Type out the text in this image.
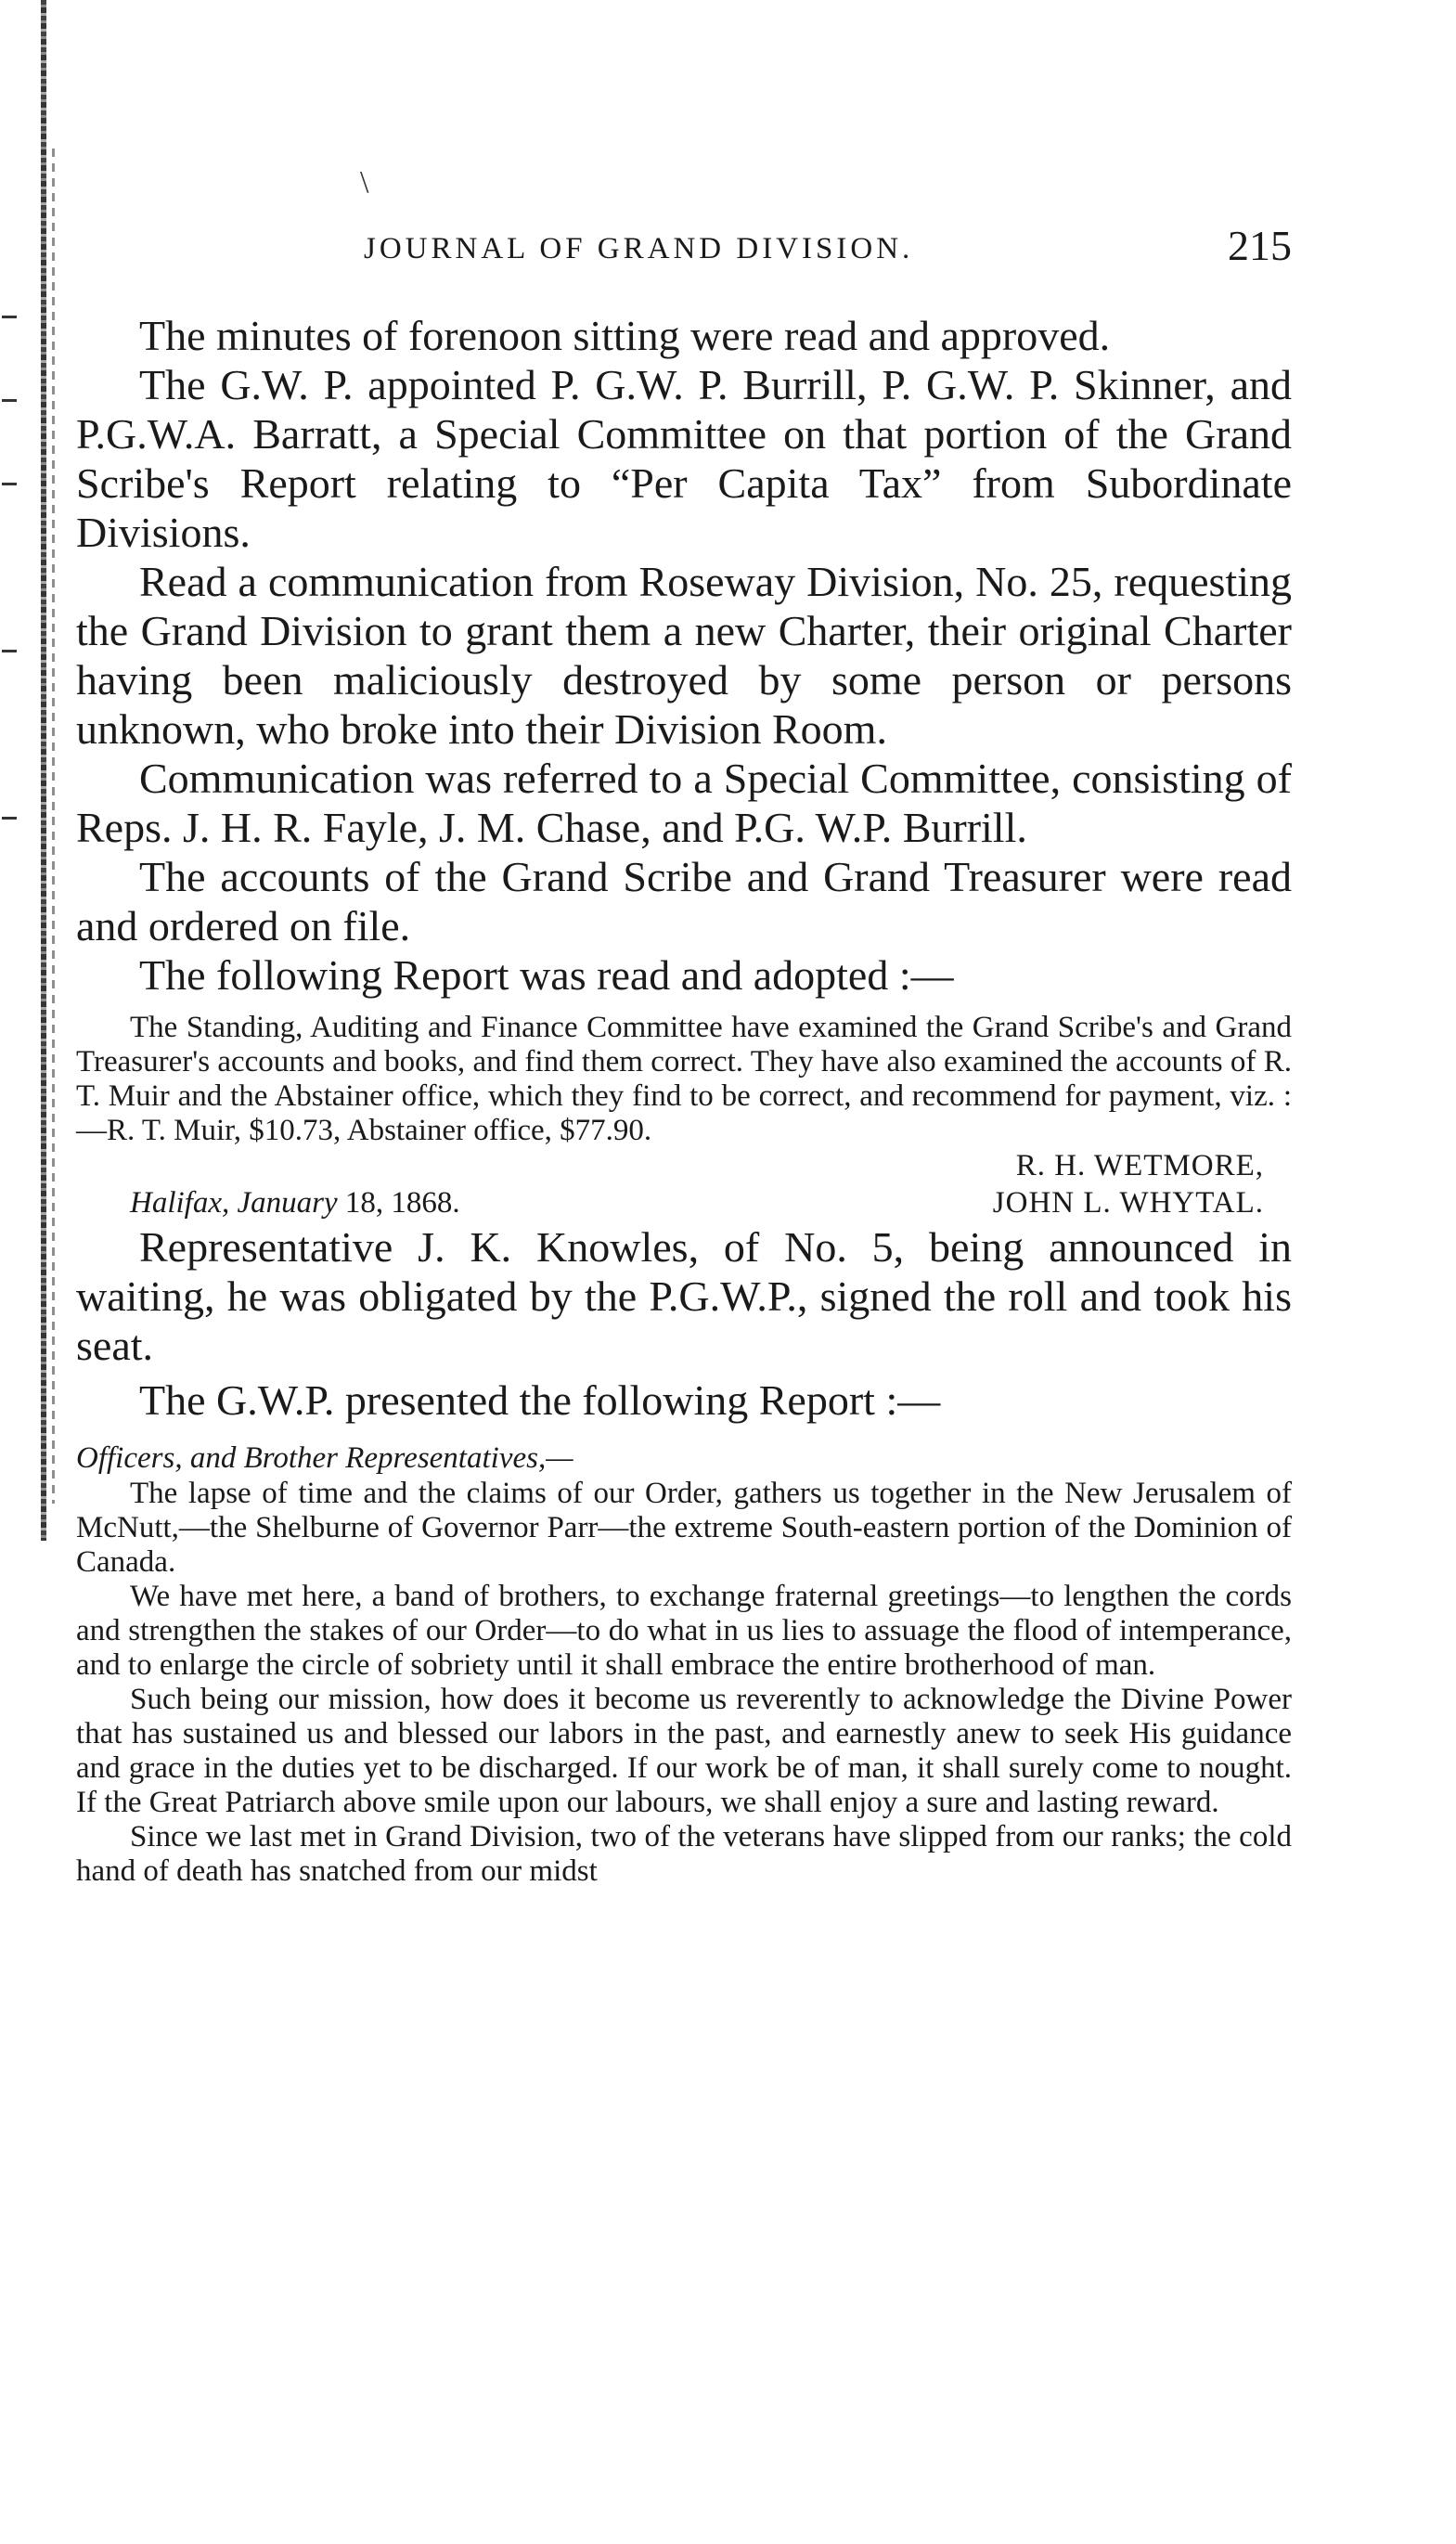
\
JOURNAL OF GRAND DIVISION.	215

The minutes of forenoon sitting were read and approved.

The G.W. P. appointed P. G.W. P. Burrill, P. G.W. P. Skinner, and P.G.W.A. Barratt, a Special Committee on that portion of the Grand Scribe's Report relating to “Per Capita Tax” from Subordinate Divisions.

Read a communication from Roseway Division, No. 25, requesting the Grand Division to grant them a new Charter, their original Charter having been maliciously destroyed by some person or persons unknown, who broke into their Division Room.

Communication was referred to a Special Committee, consisting of Reps. J. H. R. Fayle, J. M. Chase, and P.G. W.P. Burrill.

The accounts of the Grand Scribe and Grand Treasurer were read and ordered on file.

The following Report was read and adopted :—

The Standing, Auditing and Finance Committee have examined the Grand Scribe's and Grand Treasurer's accounts and books, and find them correct. They have also examined the accounts of R. T. Muir and the Abstainer office, which they find to be correct, and recommend for payment, viz. :—R. T. Muir, $10.73, Abstainer office, $77.90.

R. H. WETMORE,
Halifax, January 18, 1868.	JOHN L. WHYTAL.

Representative J. K. Knowles, of No. 5, being announced in waiting, he was obligated by the P.G.W.P., signed the roll and took his seat.

The G.W.P. presented the following Report :—

Officers, and Brother Representatives,—

The lapse of time and the claims of our Order, gathers us together in the New Jerusalem of McNutt,—the Shelburne of Governor Parr—the extreme South-eastern portion of the Dominion of Canada.

We have met here, a band of brothers, to exchange fraternal greetings—to lengthen the cords and strengthen the stakes of our Order—to do what in us lies to assuage the flood of intemperance, and to enlarge the circle of sobriety until it shall embrace the entire brotherhood of man.

Such being our mission, how does it become us reverently to acknowledge the Divine Power that has sustained us and blessed our labors in the past, and earnestly anew to seek His guidance and grace in the duties yet to be discharged. If our work be of man, it shall surely come to nought. If the Great Patriarch above smile upon our labours, we shall enjoy a sure and lasting reward.

Since we last met in Grand Division, two of the veterans have slipped from our ranks; the cold hand of death has snatched from our midst
